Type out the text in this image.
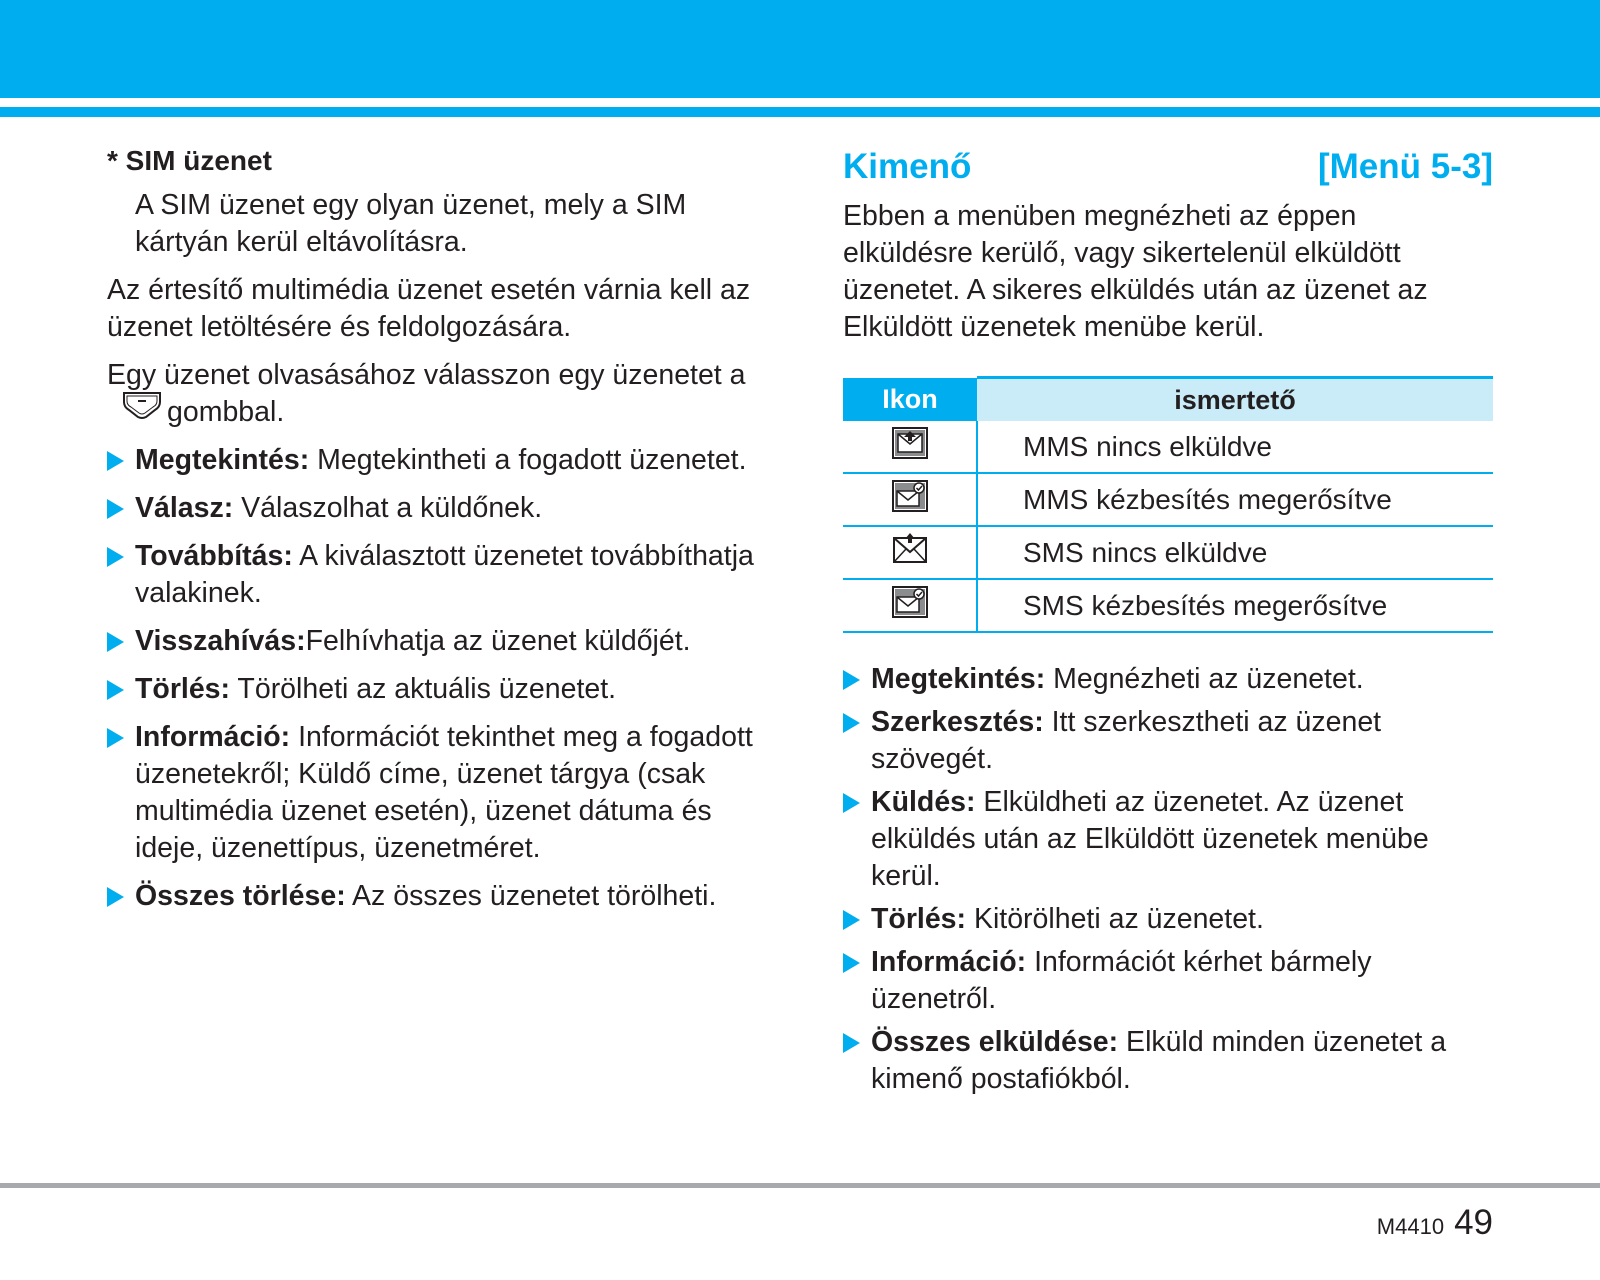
* SIM üzenet

A SIM üzenet egy olyan üzenet, mely a SIM kártyán kerül eltávolításra.

Az értesítő multimédia üzenet esetén várnia kell az üzenet letöltésére és feldolgozására.

Egy üzenet olvasásához válasszon egy üzenetet agombbal.

Megtekintés: Megtekintheti a fogadott üzenetet.
Válasz: Válaszolhat a küldőnek.
Továbbítás: A kiválasztott üzenetet továbbíthatja valakinek.
Visszahívás:Felhívhatja az üzenet küldőjét.
Törlés: Törölheti az aktuális üzenetet.
Információ: Információt tekinthet meg a fogadott üzenetekről; Küldő címe, üzenet tárgya (csak multimédia üzenet esetén), üzenet dátuma és ideje, üzenettípus, üzenetméret.
Összes törlése: Az összes üzenetet törölheti.
Kimenő	[Menü 5-3]

Ebben a menüben megnézheti az éppen elküldésre kerülő, vagy sikertelenül elküldött üzenetet. A sikeres elküldés után az üzenet az Elküldött üzenetek menübe kerül.

Ikon	ismertető
	MMS nincs elküldve
	MMS kézbesítés megerősítve
	SMS nincs elküldve
	SMS kézbesítés megerősítve
Megtekintés: Megnézheti az üzenetet.
Szerkesztés: Itt szerkesztheti az üzenet szövegét.
Küldés: Elküldheti az üzenetet. Az üzenet elküldés után az Elküldött üzenetek menübe kerül.
Törlés: Kitörölheti az üzenetet.
Információ: Információt kérhet bármely üzenetről.
Összes elküldése: Elküld minden üzenetet a kimenő postafiókból.
M4410 49
